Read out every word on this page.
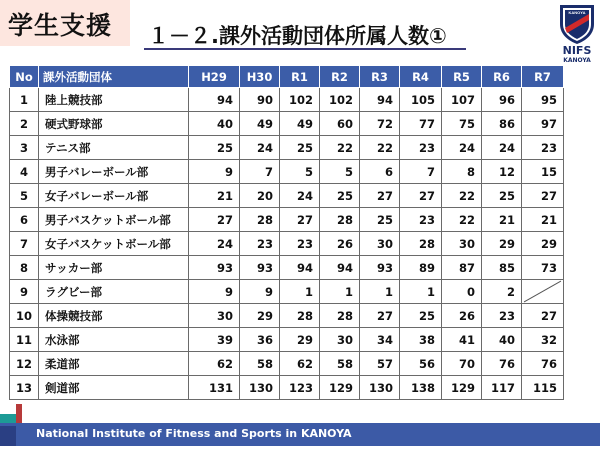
学生支援 １－２.課外活動団体所属人数①
KANOYA
NIFS
KANOYA
No	課外活動団体	H29	H30	R1	R2	R3	R4	R5	R6	R7
1	陸上競技部	94	90	102	102	94	105	107	96	95
2	硬式野球部	40	49	49	60	72	77	75	86	97
3	テニス部	25	24	25	22	22	23	24	24	23
4	男子バレーボール部	9	7	5	5	6	7	8	12	15
5	女子バレーボール部	21	20	24	25	27	27	22	25	27
6	男子バスケットボール部	27	28	27	28	25	23	22	21	21
7	女子バスケットボール部	24	23	23	26	30	28	30	29	29
8	サッカー部	93	93	94	94	93	89	87	85	73
9	ラグビー部	9	9	1	1	1	1	0	2	

10	体操競技部	30	29	28	28	27	25	26	23	27
11	水泳部	39	36	29	30	34	38	41	40	32
12	柔道部	62	58	62	58	57	56	70	76	76
13	剣道部	131	130	123	129	130	138	129	117	115
National Institute of Fitness and Sports in KANOYA
